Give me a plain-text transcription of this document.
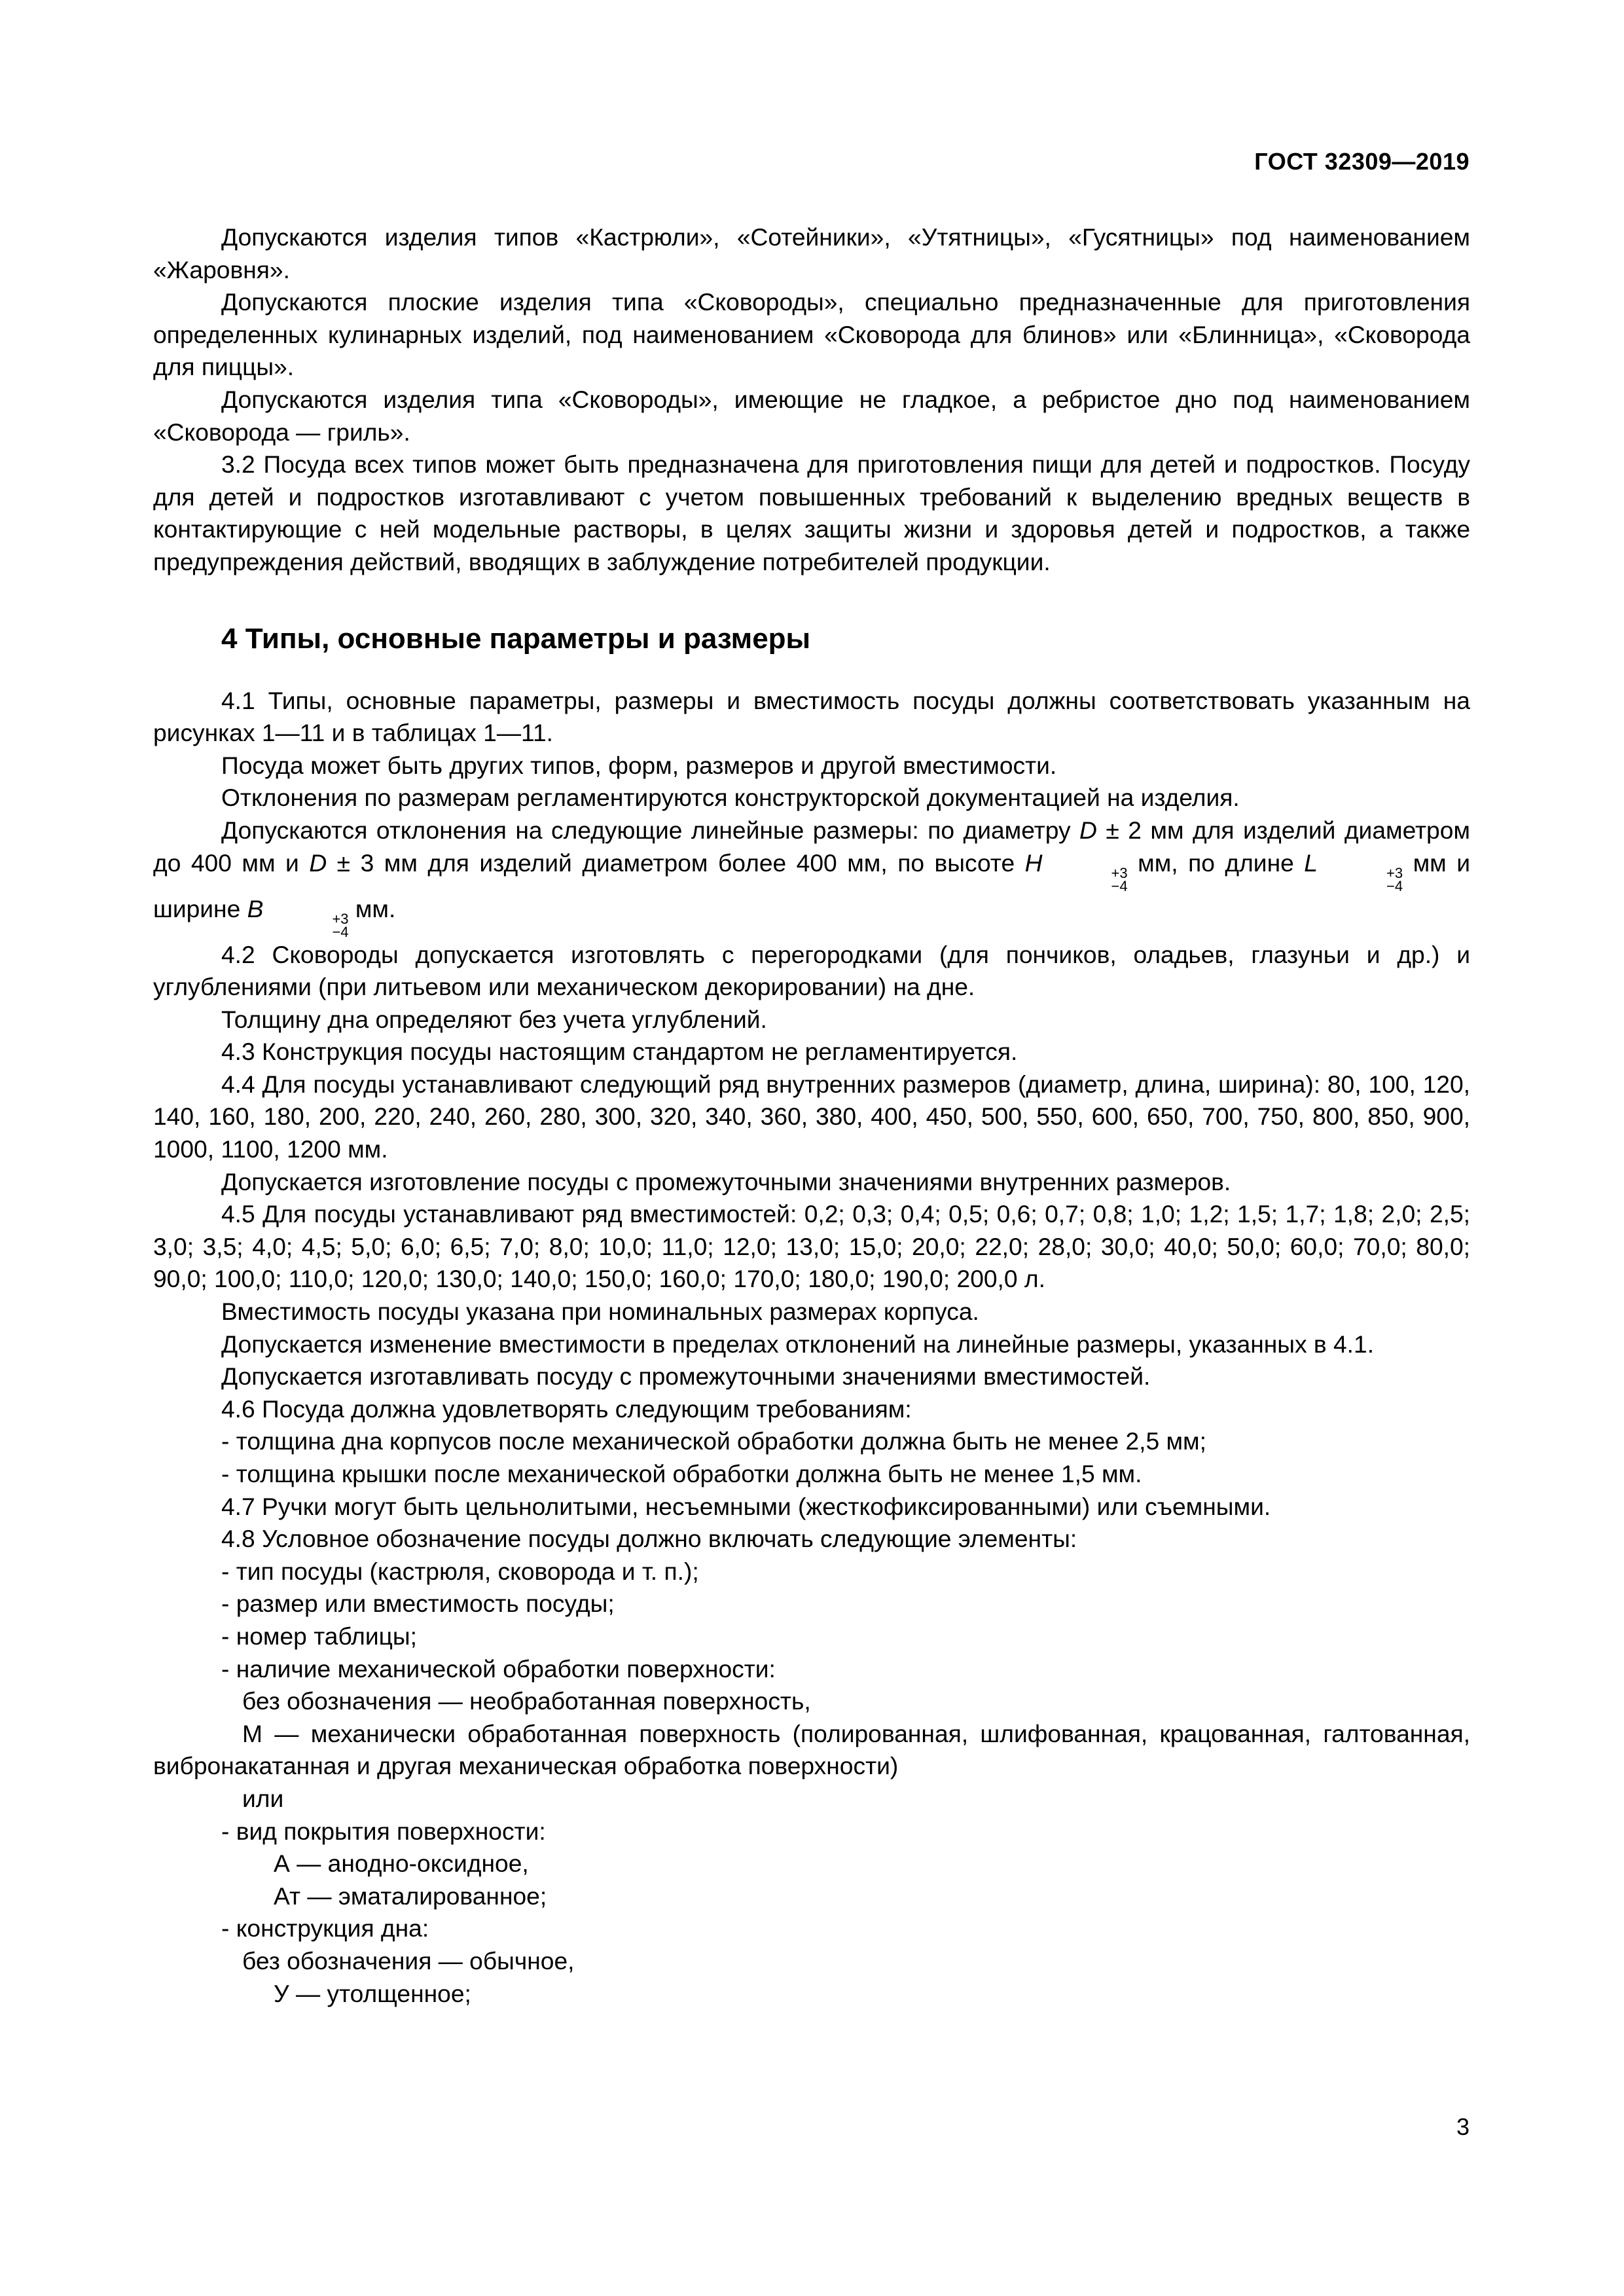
ГОСТ 32309—2019

Допускаются изделия типов «Кастрюли», «Сотейники», «Утятницы», «Гусятницы» под наименованием «Жаровня».

Допускаются плоские изделия типа «Сковороды», специально предназначенные для приготовления определенных кулинарных изделий, под наименованием «Сковорода для блинов» или «Блинница», «Сковорода для пиццы».

Допускаются изделия типа «Сковороды», имеющие не гладкое, а ребристое дно под наименованием «Сковорода — гриль».

3.2 Посуда всех типов может быть предназначена для приготовления пищи для детей и подростков. Посуду для детей и подростков изготавливают с учетом повышенных требований к выделению вредных веществ в контактирующие с ней модельные растворы, в целях защиты жизни и здоровья детей и подростков, а также предупреждения действий, вводящих в заблуждение потребителей продукции.

4 Типы, основные параметры и размеры

4.1 Типы, основные параметры, размеры и вместимость посуды должны соответствовать указанным на рисунках 1—11 и в таблицах 1—11.

Посуда может быть других типов, форм, размеров и другой вместимости.

Отклонения по размерам регламентируются конструкторской документацией на изделия.

Допускаются отклонения на следующие линейные размеры: по диаметру D ± 2 мм для изделий диаметром до 400 мм и D ± 3 мм для изделий диаметром более 400 мм, по высоте H	+3
−4
мм, по длине L	+3
−4
мм и ширине B	+3
−4
мм.

4.2 Сковороды допускается изготовлять с перегородками (для пончиков, оладьев, глазуньи и др.) и углублениями (при литьевом или механическом декорировании) на дне.

Толщину дна определяют без учета углублений.

4.3 Конструкция посуды настоящим стандартом не регламентируется.

4.4 Для посуды устанавливают следующий ряд внутренних размеров (диаметр, длина, ширина): 80, 100, 120, 140, 160, 180, 200, 220, 240, 260, 280, 300, 320, 340, 360, 380, 400, 450, 500, 550, 600, 650, 700, 750, 800, 850, 900, 1000, 1100, 1200 мм.

Допускается изготовление посуды с промежуточными значениями внутренних размеров.

4.5 Для посуды устанавливают ряд вместимостей: 0,2; 0,3; 0,4; 0,5; 0,6; 0,7; 0,8; 1,0; 1,2; 1,5; 1,7; 1,8; 2,0; 2,5; 3,0; 3,5; 4,0; 4,5; 5,0; 6,0; 6,5; 7,0; 8,0; 10,0; 11,0; 12,0; 13,0; 15,0; 20,0; 22,0; 28,0; 30,0; 40,0; 50,0; 60,0; 70,0; 80,0; 90,0; 100,0; 110,0; 120,0; 130,0; 140,0; 150,0; 160,0; 170,0; 180,0; 190,0; 200,0 л.

Вместимость посуды указана при номинальных размерах корпуса.

Допускается изменение вместимости в пределах отклонений на линейные размеры, указанных в 4.1.

Допускается изготавливать посуду с промежуточными значениями вместимостей.

4.6 Посуда должна удовлетворять следующим требованиям:

- толщина дна корпусов после механической обработки должна быть не менее 2,5 мм;

- толщина крышки после механической обработки должна быть не менее 1,5 мм.

4.7 Ручки могут быть цельнолитыми, несъемными (жесткофиксированными) или съемными.

4.8 Условное обозначение посуды должно включать следующие элементы:

- тип посуды (кастрюля, сковорода и т. п.);

- размер или вместимость посуды;

- номер таблицы;

- наличие механической обработки поверхности:

без обозначения — необработанная поверхность,

М — механически обработанная поверхность (полированная, шлифованная, крацованная, галтованная, вибронакатанная и другая механическая обработка поверхности)

или

- вид покрытия поверхности:

А — анодно-оксидное,

Ат — эматалированное;

- конструкция дна:

без обозначения — обычное,

У — утолщенное;

3
